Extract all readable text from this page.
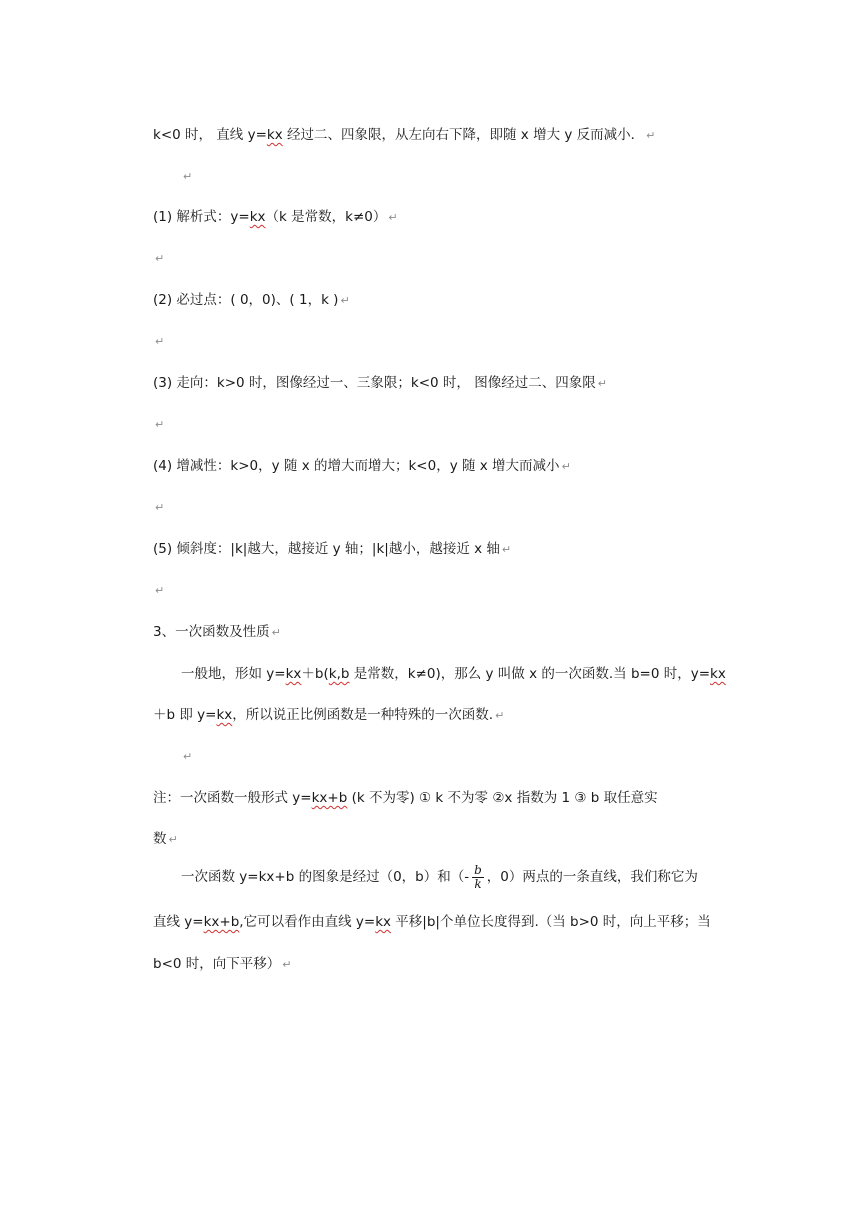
k<0 时， 直线 y=kx 经过二、四象限，从左向右下降，即随 x 增大 y 反而减小． ↵
↵
(1) 解析式：y=kx（k 是常数，k≠0） ↵
↵
(2) 必过点：( 0，0)、( 1，k ) ↵
↵
(3) 走向：k>0 时，图像经过一、三象限；k<0 时， 图像经过二、四象限 ↵
↵
(4) 增减性：k>0，y 随 x 的增大而增大；k<0，y 随 x 增大而减小 ↵
↵
(5) 倾斜度：|k|越大，越接近 y 轴；|k|越小，越接近 x 轴 ↵
↵
3、一次函数及性质 ↵
一般地，形如 y=kx＋b(k,b 是常数，k≠0)，那么 y 叫做 x 的一次函数.当 b=0 时，y=kx
＋b 即 y=kx，所以说正比例函数是一种特殊的一次函数. ↵
↵
注：一次函数一般形式 y=kx+b (k 不为零) ① k 不为零 ②x 指数为 1 ③ b 取任意实
数 ↵
一次函数 y=kx+b 的图象是经过（0，b）和（- $\frac{b}{k}$ ，0）两点的一条直线，我们称它为
直线 y=kx+b,它可以看作由直线 y=kx 平移|b|个单位长度得到.（当 b>0 时，向上平移；当
b<0 时，向下平移） ↵
